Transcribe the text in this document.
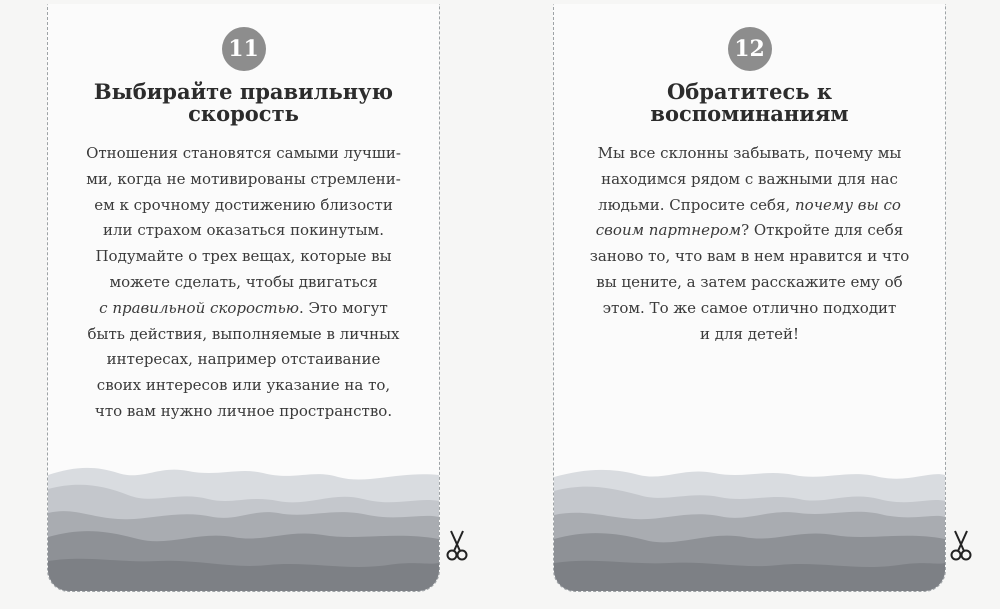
11
Выбирайте правильную
скорость
Отношения становятся самыми лучши-
ми, когда не мотивированы стремлени-
ем к срочному достижению близости
или страхом оказаться покинутым.
Подумайте о трех вещах, которые вы
можете сделать, чтобы двигаться
с правильной скоростью. Это могут
быть действия, выполняемые в личных
интересах, например отстаивание
своих интересов или указание на то,
что вам нужно личное пространство.
12
Обратитесь к
воспоминаниям
Мы все склонны забывать, почему мы
находимся рядом с важными для нас
людьми. Спросите себя, почему вы со
своим партнером? Откройте для себя
заново то, что вам в нем нравится и что
вы цените, а затем расскажите ему об
этом. То же самое отлично подходит
и для детей!
